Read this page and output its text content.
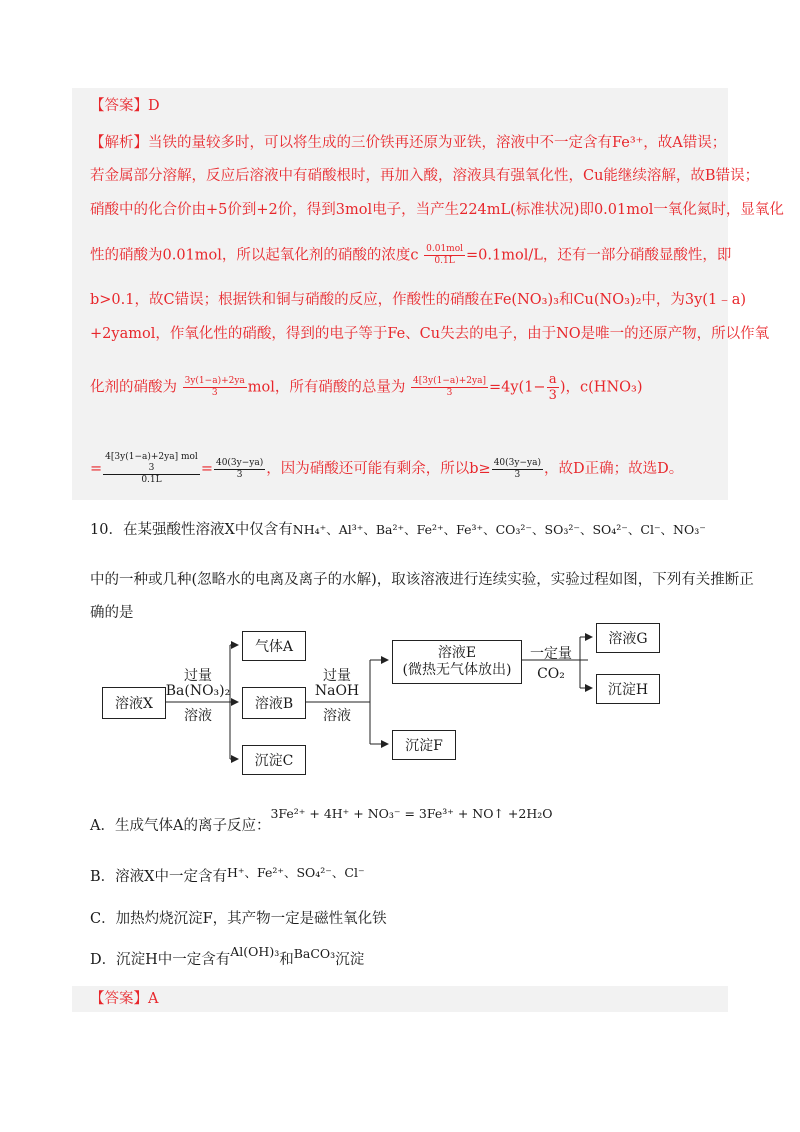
【答案】D
【解析】当铁的量较多时，可以将生成的三价铁再还原为亚铁，溶液中不一定含有Fe³⁺，故A错误；
若金属部分溶解，反应后溶液中有硝酸根时，再加入酸，溶液具有强氧化性，Cu能继续溶解，故B错误；
硝酸中的化合价由+5价到+2价，得到3mol电子，当产生224mL(标准状况)即0.01mol一氧化氮时，显氧化
性的硝酸为0.01mol，所以起氧化剂的硝酸的浓度c $\frac{\text{0.01mol}}{0.1L} =0.1mol/L$，还有一部分硝酸显酸性，即
b>0.1，故C错误；根据铁和铜与硝酸的反应，作酸性的硝酸在Fe(NO₃)₃和Cu(NO₃)₂中，为3y(1﹣a)
+2yamol，作氧化性的硝酸，得到的电子等于Fe、Cu失去的电子，由于NO是唯一的还原产物，所以作氧
化剂的硝酸为 $\frac{3y(1-a)+2ya}{3}$ mol，所有硝酸的总量为 $\frac{4[3y(1-a)+2ya]}{3} =4y(1- \frac{a}{3}$ )，c(HNO₃)
=
4[3y(1−a)+2ya] mol
3
0.1L
= $\frac{40(3y-ya)}{3}$ ，因为硝酸还可能有剩余，所以$b\ge \frac{40(3y-ya)}{3}$ ，故D正确；故选D。
10．在某强酸性溶液X中仅含有NH₄⁺、Al³⁺、Ba²⁺、Fe²⁺、Fe³⁺、CO₃²⁻、SO₃²⁻、SO₄²⁻、Cl⁻、NO₃⁻
中的一种或几种(忽略水的电离及离子的水解)，取该溶液进行连续实验，实验过程如图，下列有关推断正
确的是
溶液X
气体A
溶液B
沉淀C
溶液E
(微热无气体放出)
沉淀F
溶液G
沉淀H
过量
Ba(NO₃)₂
溶液
过量
NaOH
溶液
一定量
CO₂
A．生成气体A的离子反应：3Fe²⁺ + 4H⁺ + NO₃⁻ = 3Fe³⁺ + NO↑ +2H₂O
B．溶液X中一定含有H⁺、Fe²⁺、SO₄²⁻、Cl⁻
C．加热灼烧沉淀F，其产物一定是磁性氧化铁
D．沉淀H中一定含有Al(OH)₃和BaCO₃沉淀
【答案】A
